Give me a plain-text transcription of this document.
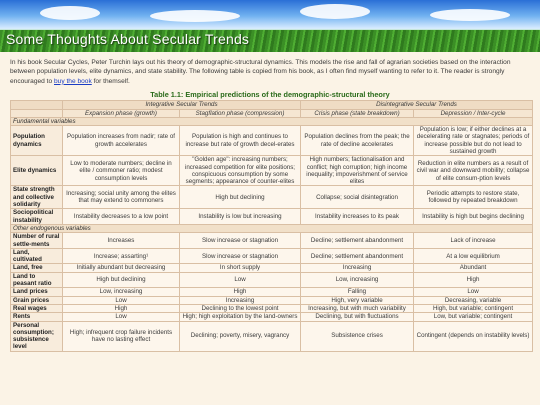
Some Thoughts About Secular Trends

In his book Secular Cycles, Peter Turchin lays out his theory of demographic-structural dynamics. This models the rise and fall of agrarian societies based on the interaction between population levels, elite dynamics, and state stability. The following table is copied from his book, as I often find myself wanting to refer to it. The reader is strongly encouraged to buy the book for themself.

Table 1.1: Empirical predictions of the demographic-structural theory
	Integrative Secular Trends		Disintegrative Secular Trends	
	Expansion phase (growth)	Stagflation phase (compression)	Crisis phase (state breakdown)	Depression / Inter-cycle
Fundamental variables				
Population dynamics	Population increases from nadir; rate of growth accelerates	Population is high and continues to increase but rate of growth decel-erates	Population declines from the peak; the rate of decline accelerates	Population is low; if either declines at a decelerating rate or stagnates; periods of increase possible but do not lead to sustained growth
Elite dynamics	Low to moderate numbers; decline in elite / commoner ratio; modest consumption levels	"Golden age": increasing numbers; increased competition for elite positions; conspicuous consumption by some segments; appearance of counter-elites	High numbers; factionalisation and conflict; high corruption; high income inequality; impoverishment of service elites	Reduction in elite numbers as a result of civil war and downward mobility; collapse of elite consum-ption levels
State strength and collective solidarity	Increasing; social unity among the elites that may extend to commoners	High but declining	Collapse; social disintegration	Periodic attempts to restore state, followed by repeated breakdown
Sociopolitical instability	Instability decreases to a low point	Instability is low but increasing	Instability increases to its peak	Instability is high but begins declining
Other endogenous variables				
Number of rural settle-ments	Increases	Slow increase or stagnation	Decline; settlement abandonment	Lack of increase
Land, cultivated	Increase; assarting¹	Slow increase or stagnation	Decline; settlement abandonment	At a low equilibrium
Land, free	Initially abundant but decreasing	In short supply	Increasing	Abundant
Land to peasant ratio	High but declining	Low	Low, increasing	High
Land prices	Low, increasing	High	Falling	Low
Grain prices	Low	Increasing	High, very variable	Decreasing, variable
Real wages	High	Declining to the lowest point	Increasing, but with much variability	High, but variable; contingent
Rents	Low	High; high exploitation by the land-owners	Declining, but with fluctuations	Low, but variable; contingent
Personal consumption; subsistence level	High; infrequent crop failure incidents have no lasting effect	Declining; poverty, misery, vagrancy	Subsistence crises	Contingent (depends on instability levels)
